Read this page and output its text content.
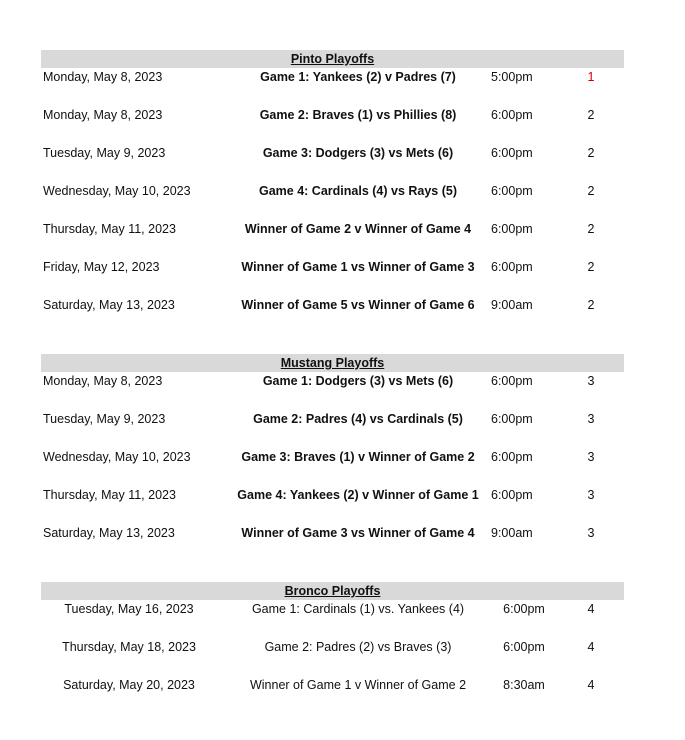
Pinto Playoffs
Monday, May 8, 2023	Game 1: Yankees (2) v Padres (7)	5:00pm	1
Monday, May 8, 2023	Game 2: Braves (1) vs Phillies (8)	6:00pm	2
Tuesday, May 9, 2023	Game 3: Dodgers (3) vs Mets (6)	6:00pm	2
Wednesday, May 10, 2023	Game 4: Cardinals (4) vs Rays (5)	6:00pm	2
Thursday, May 11, 2023	Winner of Game 2 v Winner of Game 4	6:00pm	2
Friday, May 12, 2023	Winner of Game 1 vs Winner of Game 3	6:00pm	2
Saturday, May 13, 2023	Winner of Game 5 vs Winner of Game 6	9:00am	2
Mustang Playoffs
Monday, May 8, 2023	Game 1: Dodgers (3) vs Mets (6)	6:00pm	3
Tuesday, May 9, 2023	Game 2: Padres (4) vs Cardinals (5)	6:00pm	3
Wednesday, May 10, 2023	Game 3: Braves (1) v Winner of Game 2	6:00pm	3
Thursday, May 11, 2023	Game 4: Yankees (2) v Winner of Game 1 6:00pm	3
Saturday, May 13, 2023	Winner of Game 3 vs Winner of Game 4	9:00am	3
Bronco Playoffs
Tuesday, May 16, 2023	Game 1: Cardinals (1) vs. Yankees (4)	6:00pm	4
Thursday, May 18, 2023	Game 2: Padres (2) vs Braves (3)	6:00pm	4
Saturday, May 20, 2023	Winner of Game 1 v Winner of Game 2	8:30am	4
